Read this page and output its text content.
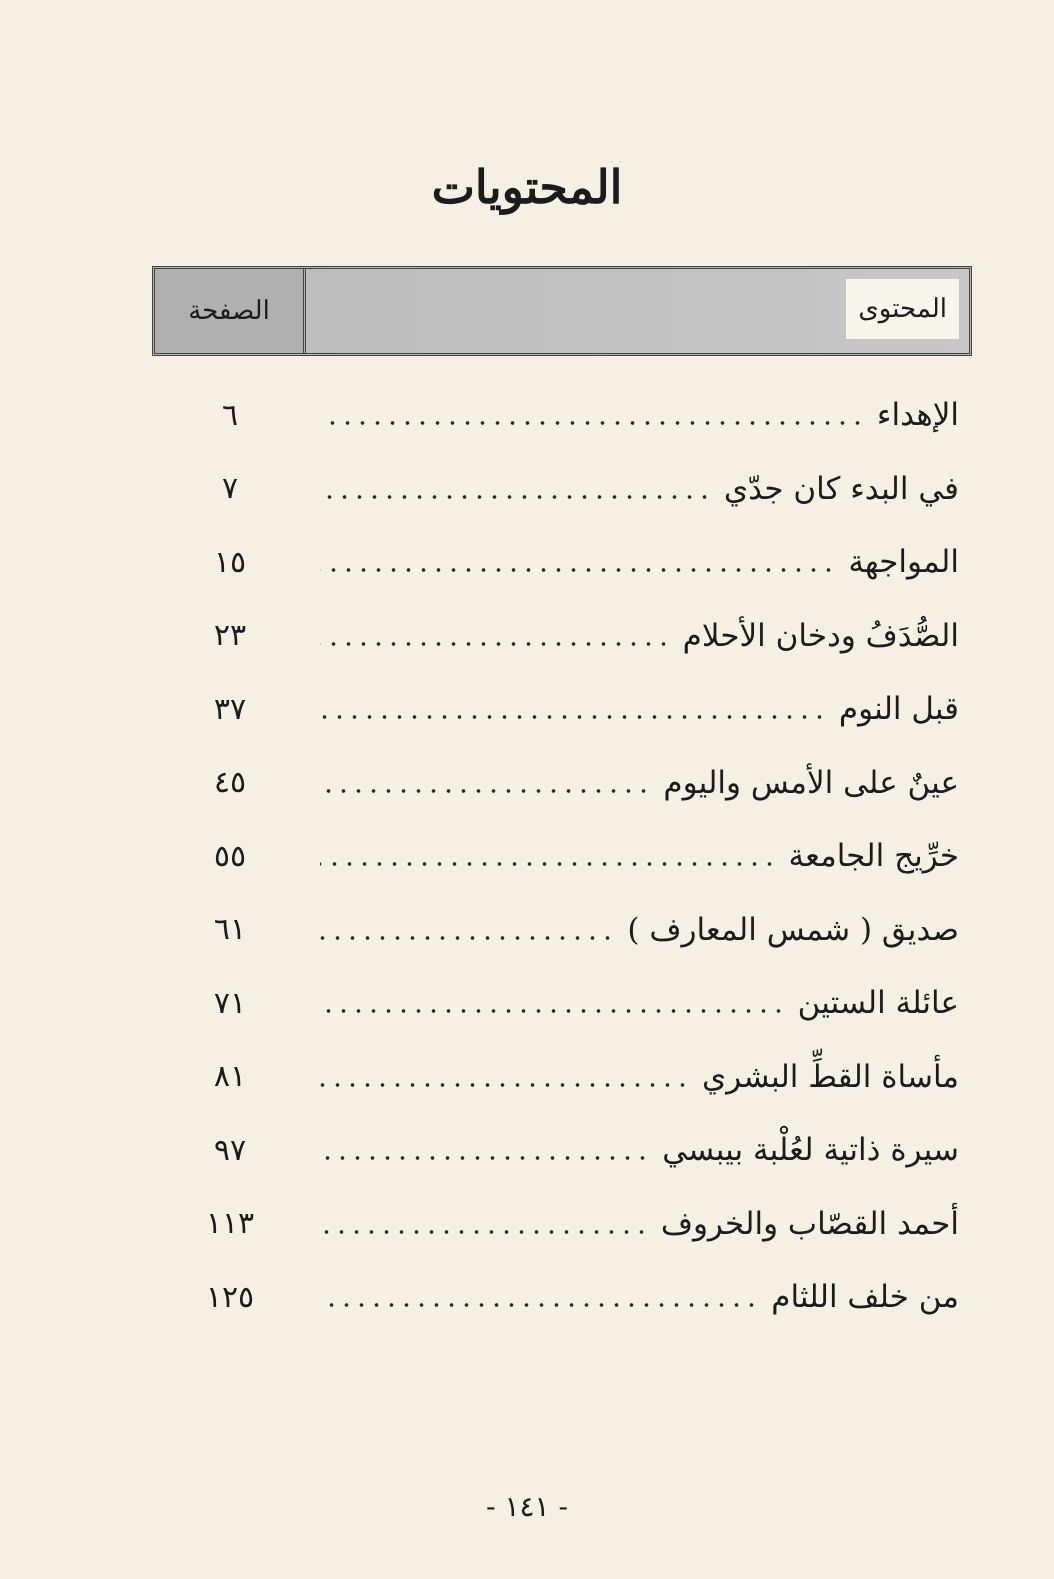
المحتويات
الصفحة	المحتوى
٦	الإهداء
٧	في البدء كان جدّي
١٥	المواجهة
٢٣	الصُّدَفُ ودخان الأحلام
٣٧	قبل النوم
٤٥	عينٌ على الأمس واليوم
٥٥	خرِّيج الجامعة
٦١	صديق ( شمس المعارف )
٧١	عائلة الستين
٨١	مأساة القطِّ البشري
٩٧	سيرة ذاتية لعُلْبة بيبسي
١١٣	أحمد القصّاب والخروف
١٢٥	من خلف اللثام
- ١٤١ -
